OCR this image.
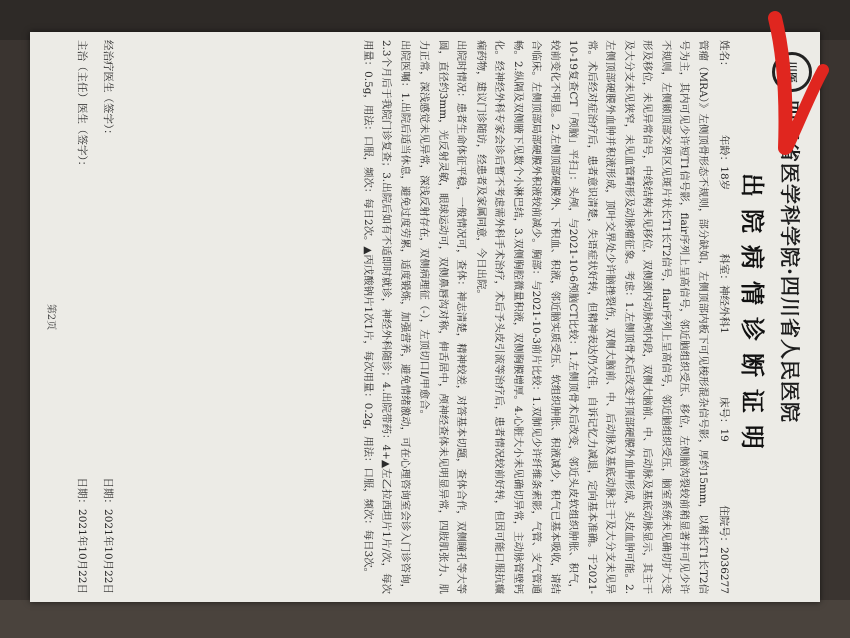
川医
四川省医学科学院·四川省人民医院
出院病情诊断证明
姓名：
年龄：18岁
科室：神经外科1
床号：19
住院号：2036277

管瘤（MRA）》左侧顶骨形态不规则，部分缺如，左侧顶部内板下可见梭形混杂信号影，厚约15mm，以稍长T1长T2信号为主，其内可见少许短T1信号影，flair序列上呈高信号，邻近脑组织受压、移位，左侧脑沟裂较前稍显著并可见少许不规则，左侧颞顶部交界区见斑片状长T1长T2信号，flair序列上呈高信号，邻近脑组织受压，脑室系统未见确切扩大变形及移位，未见异常信号，中线结构未见移位，双侧颈内动脉颅内段，双侧大脑前、中、后动脉及基底动脉显示，其主干及大分支未见狭窄，未见血管畸形及动脉瘤征象。考虑：1.左侧顶骨术后改变并顶部硬膜外血肿形成，头皮血肿可能。2.左侧顶部硬膜外血肿并积液形成，顶叶交界处少许脑挫裂伤，双侧大脑前、中、后动脉及基底动脉主干及大分支未见异常。术后经对症治疗后，患者意识清楚，失语症状好转，但精神表达仍欠佳，自诉记忆力减退，定向基本准确。于2021-10-19复查CT「颅脑」平扫」：头颅，与2021-10-6颅脑CT比较：1.左侧顶骨术后改变，邻近头皮软组织肿胀、积气，较前变化不明显。2.左侧顶部硬膜外、下积血、积液，邻近脑实质受压、软组织肿胀、积液减少，积气已基本吸收，请结合临床。左侧顶部局部硬膜外积液较前减少。胸部：与2021-10-3前片比较：1.双肺见少许纤维条索影，气管、支气管通畅。2.纵隔及双侧腋下见数个小淋巴结，3.双侧胸腔微量积液，双侧胸膜增厚。4.心脏大小未见确切异常，主动脉管壁钙化。经神经外科专家会诊后暂不考虑需外科手术治疗，术后予头皮引流等治疗后，患者情况较前好转，但因可能口服抗癫痫药物，建议门诊随访，经患者及家属同意，今日出院。

出院时情况：患者生命体征平稳，一般情况可，查体：神志清楚，精神较差，对答基本切题，查体合作，双侧瞳孔等大等圆，直径约3mm，光反射灵敏，眼球运动可，双侧鼻唇沟对称，伸舌居中，颅神经查体未见明显异常，四肢肌张力、肌力正常，深浅感觉未见异常，深浅反射存在，双侧病理征（-），左顶切口I/甲愈合。

出院医嘱：1.出院后适当休息，避免过度劳累，适度锻炼，加强营养，避免情绪激动，可在心理咨询室会诊入门诊咨询，2.3个月后于我院门诊复查；3.出院后如有不适即时就诊，神经外科随诊；4.出院带药：4+▲左乙拉西坦片1片/次，每次用量：0.5g，用法：口服，频次：每日2次。▲丙戊酸钠片1次1片，每次用量：0.2g，用法：口服，频次：每日3次。

经治疗医生（签字）：
日期：2021年10月22日
主治（主任）医生（签字）：
日期：2021年10月22日
第2页
